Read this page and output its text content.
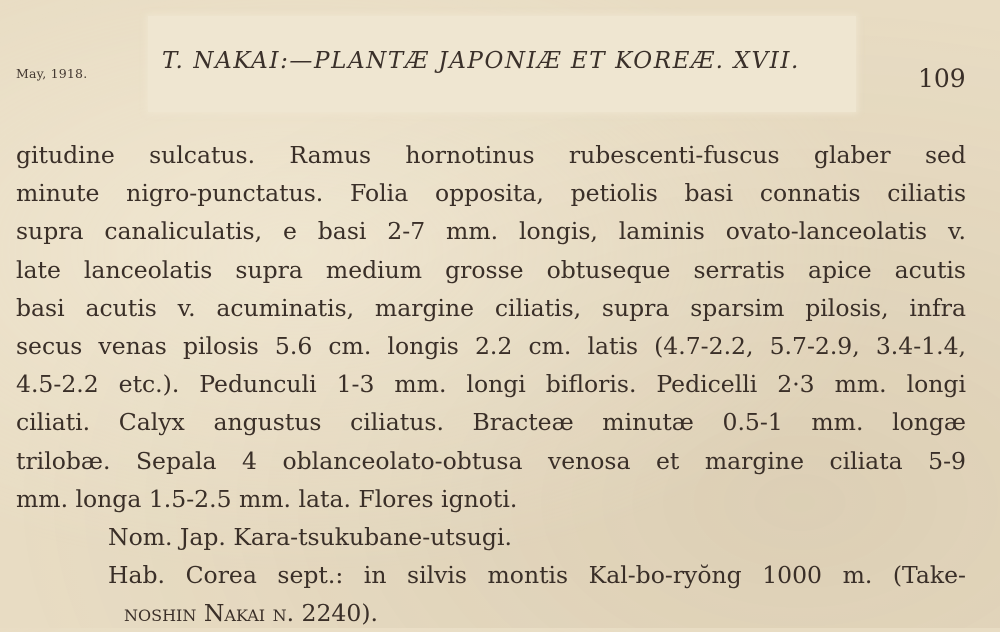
May, 1918.	T. NAKAI:—PLANTÆ JAPONIÆ ET KOREÆ. XVII.
109
gitudine sulcatus. Ramus hornotinus rubescenti-fuscus glaber sed
minute nigro-punctatus. Folia opposita, petiolis basi connatis ciliatis
supra canaliculatis, e basi 2-7 mm. longis, laminis ovato-lanceolatis v.
late lanceolatis supra medium grosse obtuseque serratis apice acutis
basi acutis v. acuminatis, margine ciliatis, supra sparsim pilosis, infra
secus venas pilosis 5.6 cm. longis 2.2 cm. latis (4.7-2.2, 5.7-2.9, 3.4-1.4,
4.5-2.2 etc.). Pedunculi 1-3 mm. longi bifloris. Pedicelli 2·3 mm. longi
ciliati. Calyx angustus ciliatus. Bracteæ minutæ 0.5-1 mm. longæ
trilobæ. Sepala 4 oblanceolato-obtusa venosa et margine ciliata 5-9
mm. longa 1.5-2.5 mm. lata. Flores ignoti.
Nom. Jap. Kara-tsukubane-utsugi.
Hab. Corea sept.: in silvis montis Kal-bo-ryŏng 1000 m. (Take-
noshin Nakai n. 2240).
